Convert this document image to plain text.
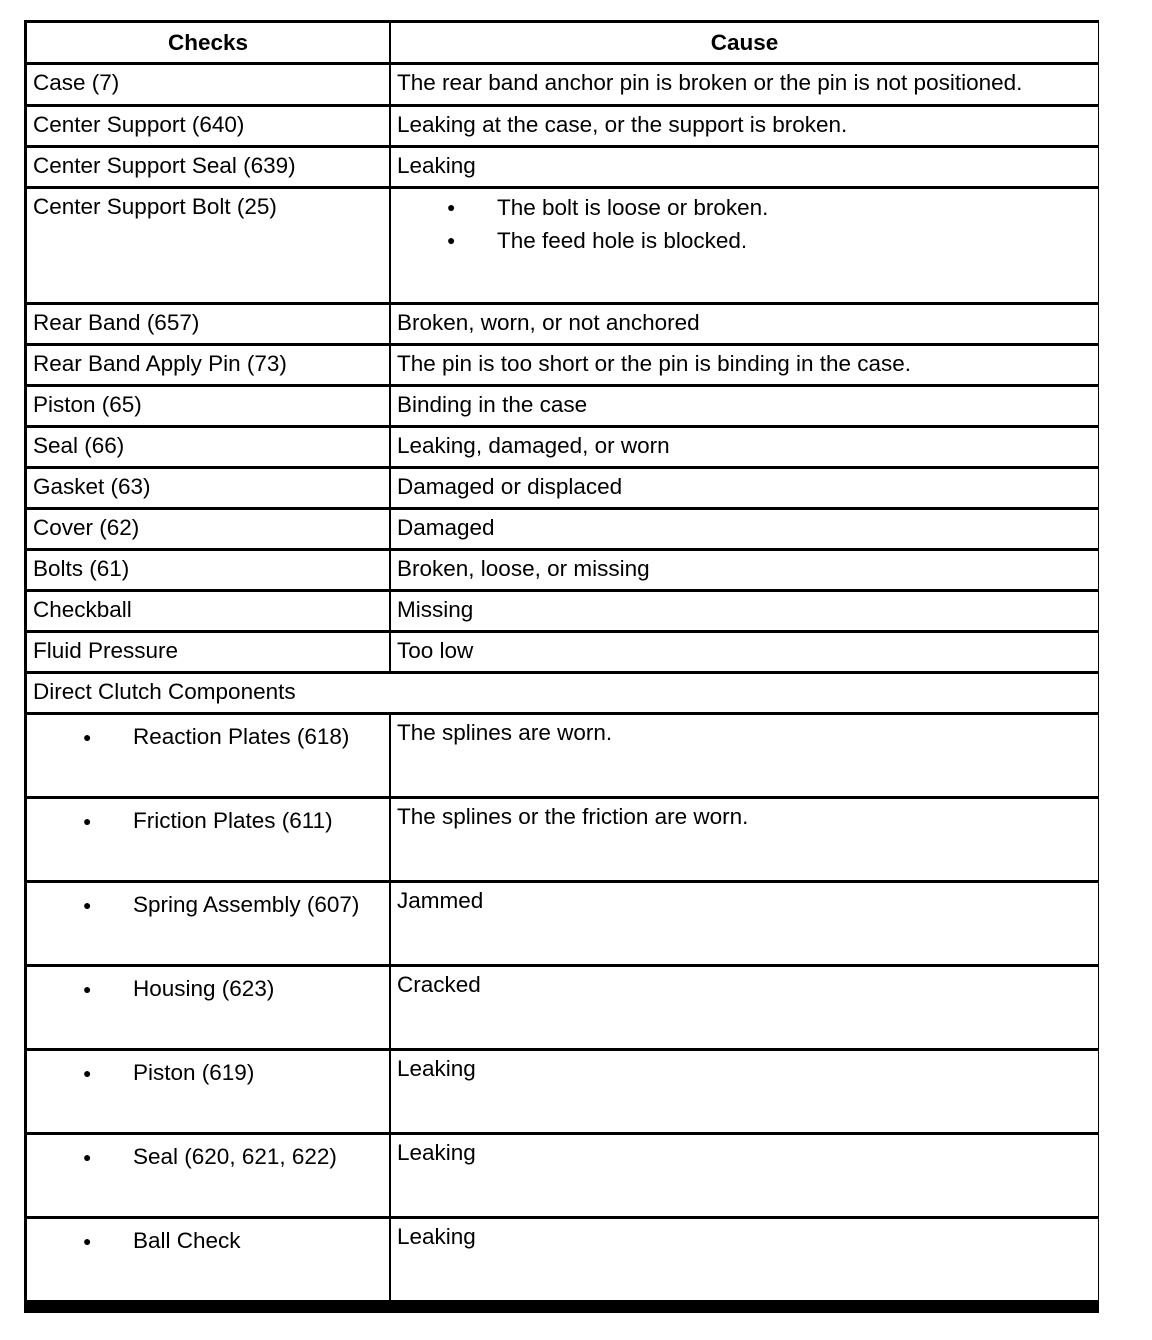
Checks	Cause
Case (7)	The rear band anchor pin is broken or the pin is not positioned.
Center Support (640)	Leaking at the case, or the support is broken.
Center Support Seal (639)	Leaking
Center Support Bolt (25)
●	The bolt is loose or broken.
● The feed hole is blocked.
Rear Band (657)	Broken, worn, or not anchored
Rear Band Apply Pin (73)	The pin is too short or the pin is binding in the case.
Piston (65)	Binding in the case
Seal (66)	Leaking, damaged, or worn
Gasket (63)	Damaged or displaced
Cover (62)	Damaged
Bolts (61)	Broken, loose, or missing
Checkball	Missing
Fluid Pressure	Too low
Direct Clutch Components
● Reaction Plates (618)	The splines are worn.
● Friction Plates (611)	The splines or the friction are worn.
● Spring Assembly (607)	Jammed
● Housing (623)	Cracked
● Piston (619)	Leaking
● Seal (620, 621, 622)	Leaking
● Ball Check	Leaking
